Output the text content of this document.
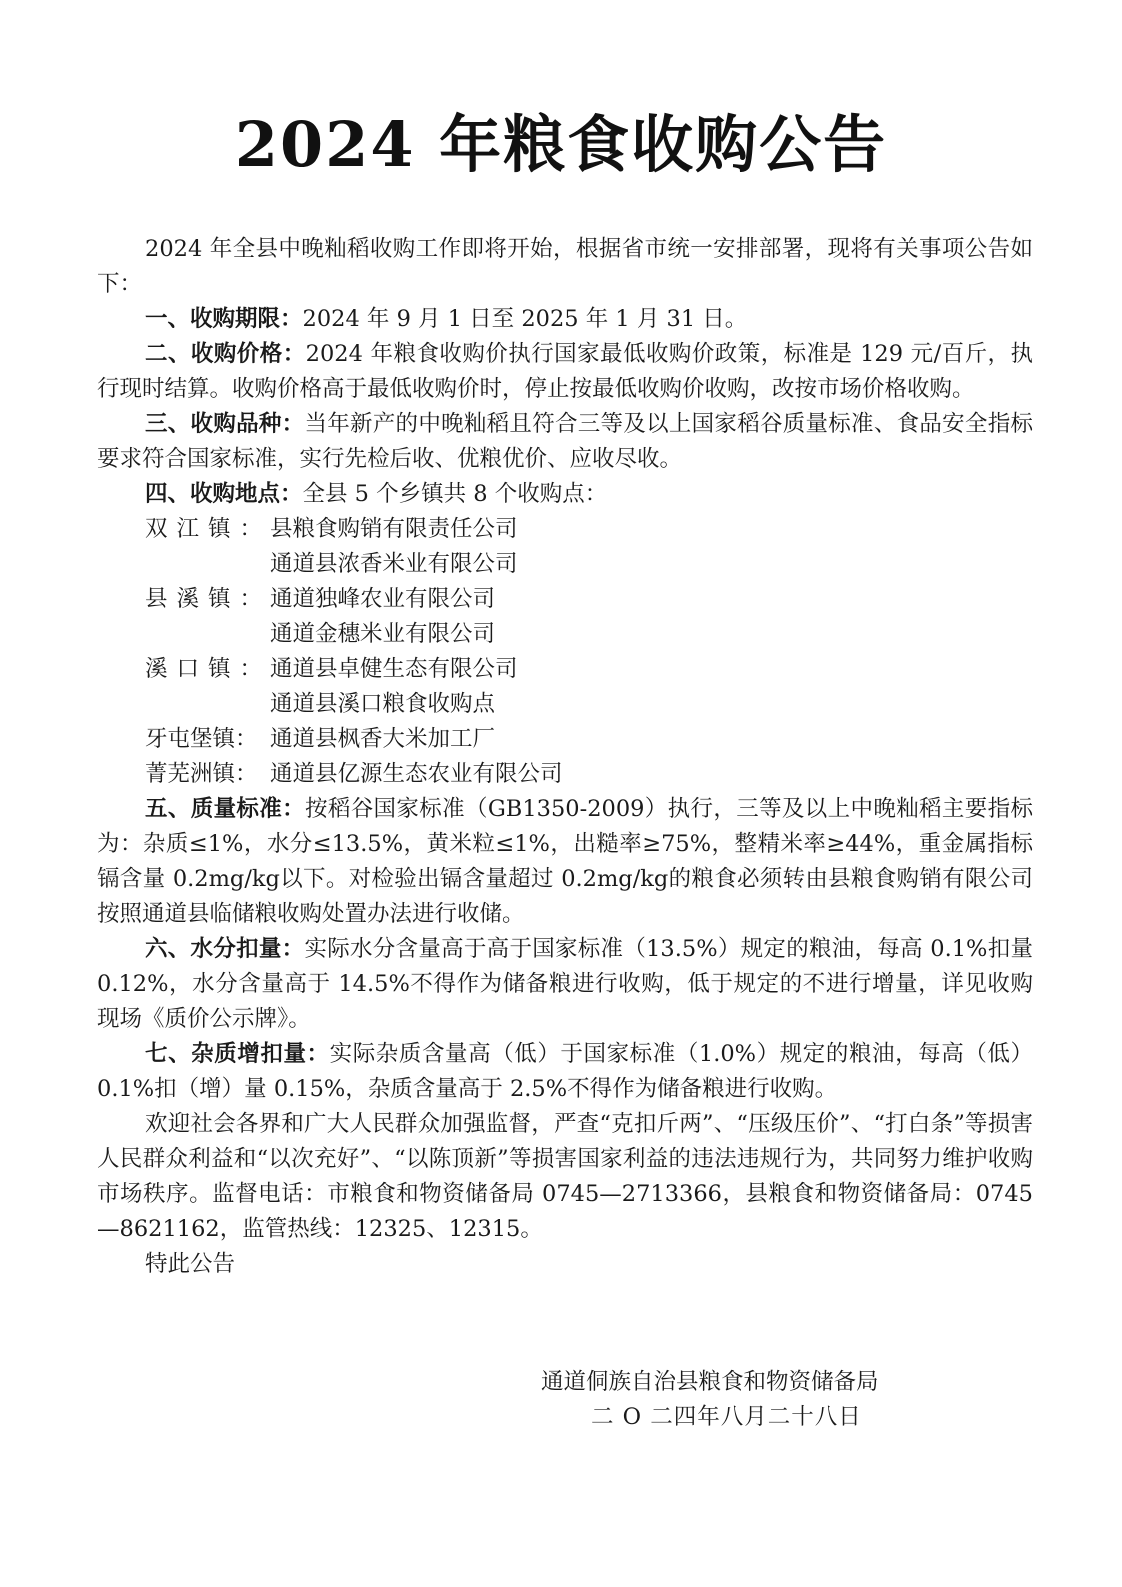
2024 年粮食收购公告

2024 年全县中晚籼稻收购工作即将开始，根据省市统一安排部署，现将有关事项公告如下：

一、收购期限：2024 年 9 月 1 日至 2025 年 1 月 31 日。

二、收购价格：2024 年粮食收购价执行国家最低收购价政策，标准是 129 元/百斤，执行现时结算。收购价格高于最低收购价时，停止按最低收购价收购，改按市场价格收购。

三、收购品种：当年新产的中晚籼稻且符合三等及以上国家稻谷质量标准、食品安全指标要求符合国家标准，实行先检后收、优粮优价、应收尽收。

四、收购地点：全县 5 个乡镇共 8 个收购点：

双江镇：
县粮食购销有限责任公司
通道县浓香米业有限公司
县溪镇：
通道独峰农业有限公司
通道金穗米业有限公司
溪口镇：
通道县卓健生态有限公司
通道县溪口粮食收购点
牙屯堡镇： 通道县枫香大米加工厂
菁芜洲镇： 通道县亿源生态农业有限公司

五、质量标准：按稻谷国家标准（GB1350-2009）执行，三等及以上中晚籼稻主要指标为：杂质≤1%，水分≤13.5%，黄米粒≤1%，出糙率≥75%，整精米率≥44%，重金属指标镉含量 0.2mg/kg以下。对检验出镉含量超过 0.2mg/kg的粮食必须转由县粮食购销有限公司按照通道县临储粮收购处置办法进行收储。

六、水分扣量：实际水分含量高于高于国家标准（13.5%）规定的粮油，每高 0.1%扣量 0.12%，水分含量高于 14.5%不得作为储备粮进行收购，低于规定的不进行增量，详见收购现场《质价公示牌》。

七、杂质增扣量：实际杂质含量高（低）于国家标准（1.0%）规定的粮油，每高（低）0.1%扣（增）量 0.15%，杂质含量高于 2.5%不得作为储备粮进行收购。

欢迎社会各界和广大人民群众加强监督，严查“克扣斤两”、“压级压价”、“打白条”等损害人民群众利益和“以次充好”、“以陈顶新”等损害国家利益的违法违规行为，共同努力维护收购市场秩序。监督电话：市粮食和物资储备局 0745—2713366，县粮食和物资储备局：0745—8621162，监管热线：12325、12315。

特此公告

通道侗族自治县粮食和物资储备局
二 O 二四年八月二十八日
